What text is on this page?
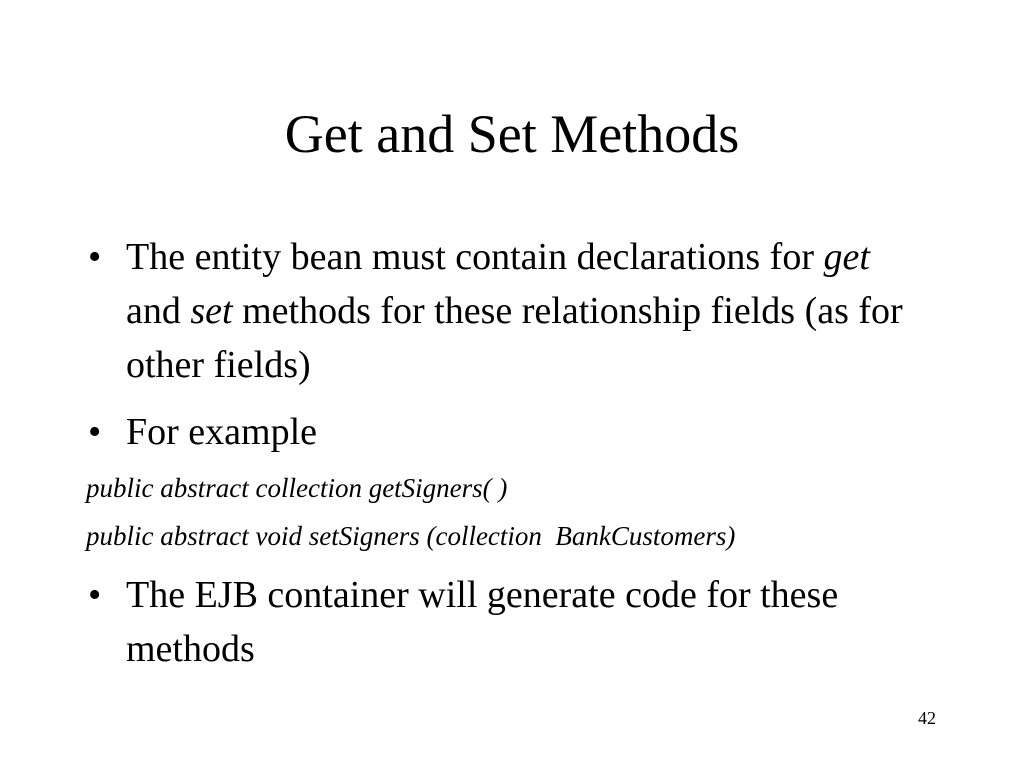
Get and Set Methods
• The entity bean must contain declarations for get and set methods for these relationship fields (as for other fields)
• For example
public abstract collection getSigners( )
public abstract void setSigners (collection  BankCustomers)
• The EJB container will generate code for these methods
42
